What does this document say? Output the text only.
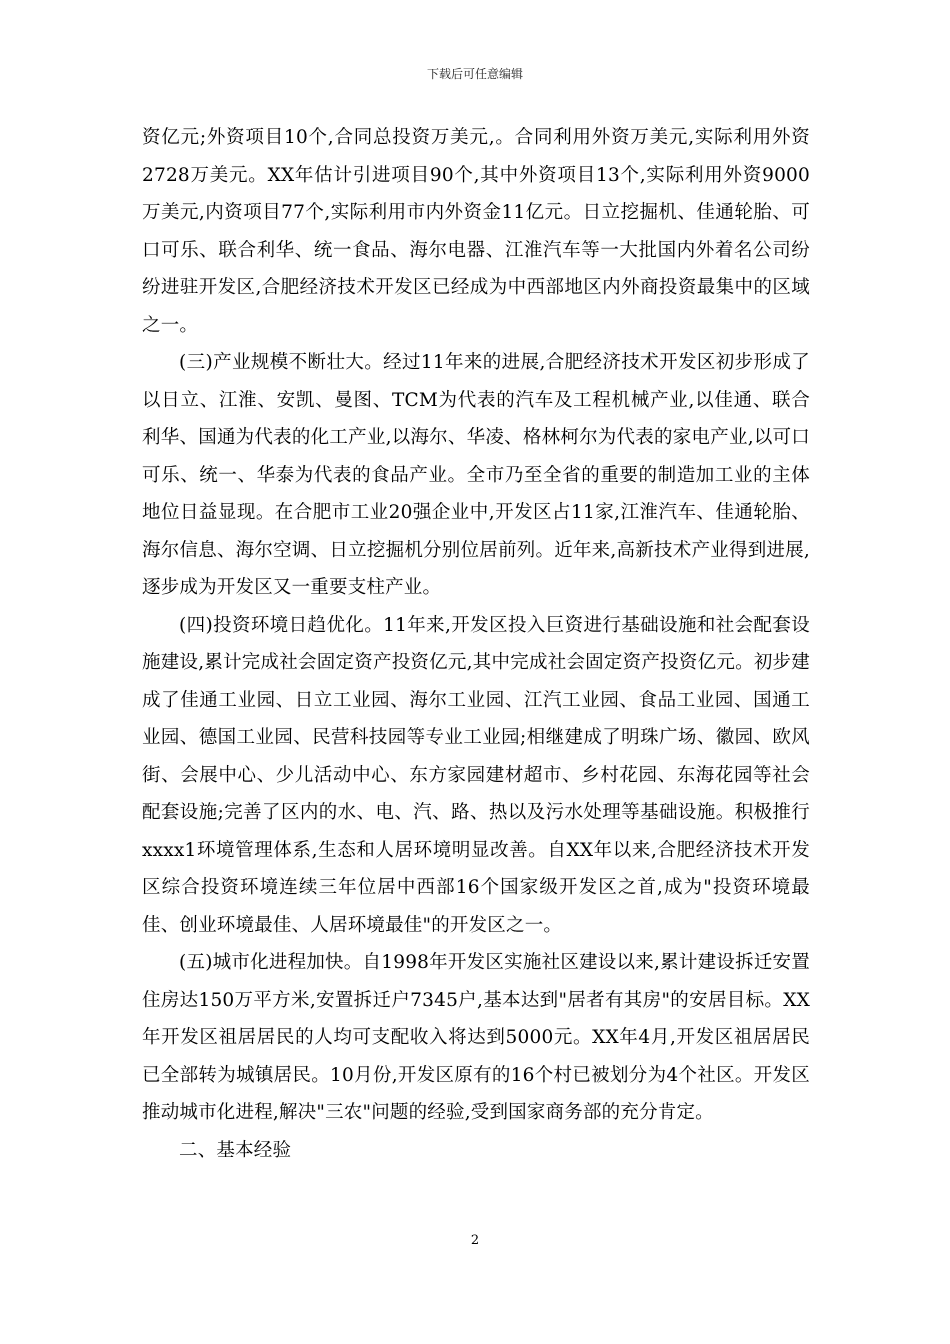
下载后可任意编辑

资亿元;外资项目10个,合同总投资万美元,。合同利用外资万美元,实际利用外资2728万美元。XX年估计引进项目90个,其中外资项目13个,实际利用外资9000万美元,内资项目77个,实际利用市内外资金11亿元。日立挖掘机、佳通轮胎、可口可乐、联合利华、统一食品、海尔电器、江淮汽车等一大批国内外着名公司纷纷进驻开发区,合肥经济技术开发区已经成为中西部地区内外商投资最集中的区域之一。

(三)产业规模不断壮大。经过11年来的进展,合肥经济技术开发区初步形成了以日立、江淮、安凯、曼图、TCM为代表的汽车及工程机械产业,以佳通、联合利华、国通为代表的化工产业,以海尔、华凌、格林柯尔为代表的家电产业,以可口可乐、统一、华泰为代表的食品产业。全市乃至全省的重要的制造加工业的主体地位日益显现。在合肥市工业20强企业中,开发区占11家,江淮汽车、佳通轮胎、海尔信息、海尔空调、日立挖掘机分别位居前列。近年来,高新技术产业得到进展,逐步成为开发区又一重要支柱产业。

(四)投资环境日趋优化。11年来,开发区投入巨资进行基础设施和社会配套设施建设,累计完成社会固定资产投资亿元,其中完成社会固定资产投资亿元。初步建成了佳通工业园、日立工业园、海尔工业园、江汽工业园、食品工业园、国通工业园、德国工业园、民营科技园等专业工业园;相继建成了明珠广场、徽园、欧风街、会展中心、少儿活动中心、东方家园建材超市、乡村花园、东海花园等社会配套设施;完善了区内的水、电、汽、路、热以及污水处理等基础设施。积极推行xxxx1环境管理体系,生态和人居环境明显改善。自XX年以来,合肥经济技术开发区综合投资环境连续三年位居中西部16个国家级开发区之首,成为"投资环境最佳、创业环境最佳、人居环境最佳"的开发区之一。

(五)城市化进程加快。自1998年开发区实施社区建设以来,累计建设拆迁安置住房达150万平方米,安置拆迁户7345户,基本达到"居者有其房"的安居目标。XX年开发区祖居居民的人均可支配收入将达到5000元。XX年4月,开发区祖居居民已全部转为城镇居民。10月份,开发区原有的16个村已被划分为4个社区。开发区推动城市化进程,解决"三农"问题的经验,受到国家商务部的充分肯定。

二、基本经验

2
